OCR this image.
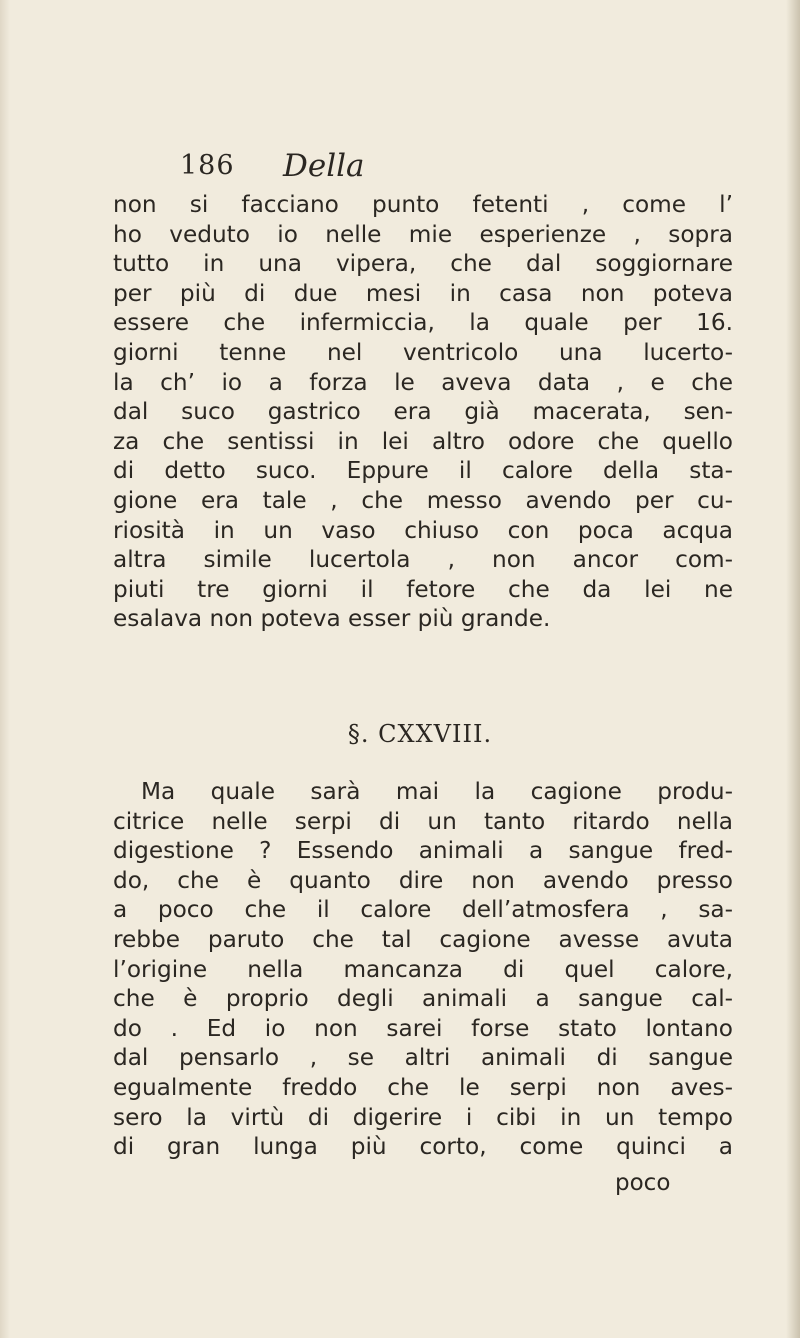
186 Della
non si facciano punto fetenti , come l’
ho veduto io nelle mie esperienze , sopra
tutto in una vipera, che dal soggiornare
per più di due mesi in casa non poteva
essere che infermiccia, la quale per 16.
giorni tenne nel ventricolo una lucerto-
la ch’ io a forza le aveva data , e che
dal suco gastrico era già macerata, sen-
za che sentissi in lei altro odore che quello
di detto suco. Eppure il calore della sta-
gione era tale , che messo avendo per cu-
riosità in un vaso chiuso con poca acqua
altra simile lucertola , non ancor com-
piuti tre giorni il fetore che da lei ne
esalava non poteva esser più grande.
§. CXXVIII.
Ma quale sarà mai la cagione produ-
citrice nelle serpi di un tanto ritardo nella
digestione ? Essendo animali a sangue fred-
do, che è quanto dire non avendo presso
a poco che il calore dell’atmosfera , sa-
rebbe paruto che tal cagione avesse avuta
l’origine nella mancanza di quel calore,
che è proprio degli animali a sangue cal-
do . Ed io non sarei forse stato lontano
dal pensarlo , se altri animali di sangue
egualmente freddo che le serpi non aves-
sero la virtù di digerire i cibi in un tempo
di gran lunga più corto, come quinci a
poco
